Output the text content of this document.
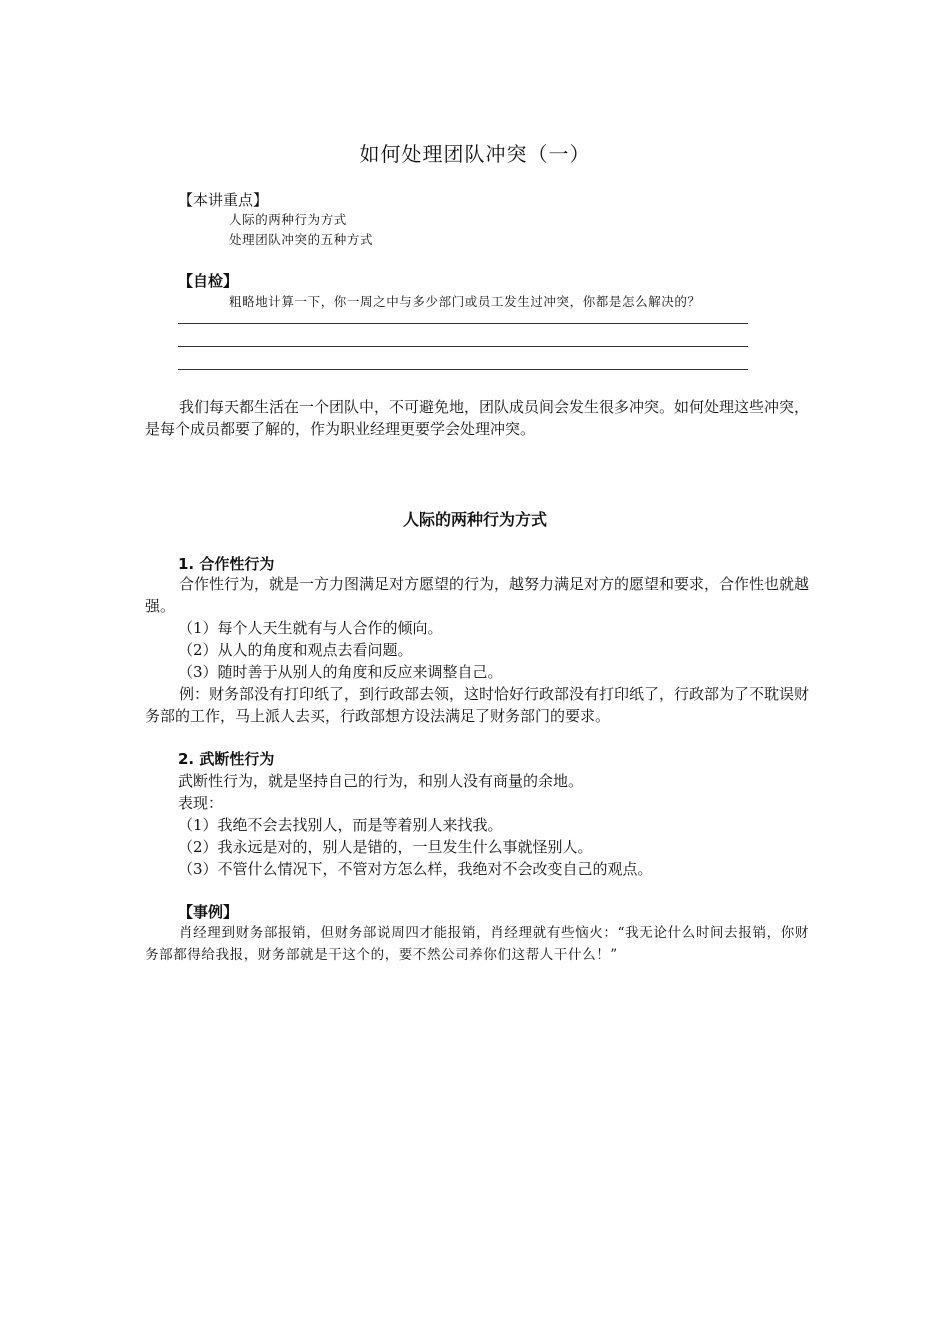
如何处理团队冲突（一）
【本讲重点】
人际的两种行为方式
处理团队冲突的五种方式
【自检】
粗略地计算一下，你一周之中与多少部门或员工发生过冲突，你都是怎么解决的？
我们每天都生活在一个团队中，不可避免地，团队成员间会发生很多冲突。如何处理这些冲突，是每个成员都要了解的，作为职业经理更要学会处理冲突。
人际的两种行为方式
1. 合作性行为
合作性行为，就是一方力图满足对方愿望的行为，越努力满足对方的愿望和要求，合作性也就越强。
（1）每个人天生就有与人合作的倾向。
（2）从人的角度和观点去看问题。
（3）随时善于从别人的角度和反应来调整自己。
例：财务部没有打印纸了，到行政部去领，这时恰好行政部没有打印纸了，行政部为了不耽误财务部的工作，马上派人去买，行政部想方设法满足了财务部门的要求。
2. 武断性行为
武断性行为，就是坚持自己的行为，和别人没有商量的余地。
表现：
（1）我绝不会去找别人，而是等着别人来找我。
（2）我永远是对的，别人是错的，一旦发生什么事就怪别人。
（3）不管什么情况下，不管对方怎么样，我绝对不会改变自己的观点。
【事例】
肖经理到财务部报销，但财务部说周四才能报销，肖经理就有些恼火：“我无论什么时间去报销，你财务部都得给我报，财务部就是干这个的，要不然公司养你们这帮人干什么！”
